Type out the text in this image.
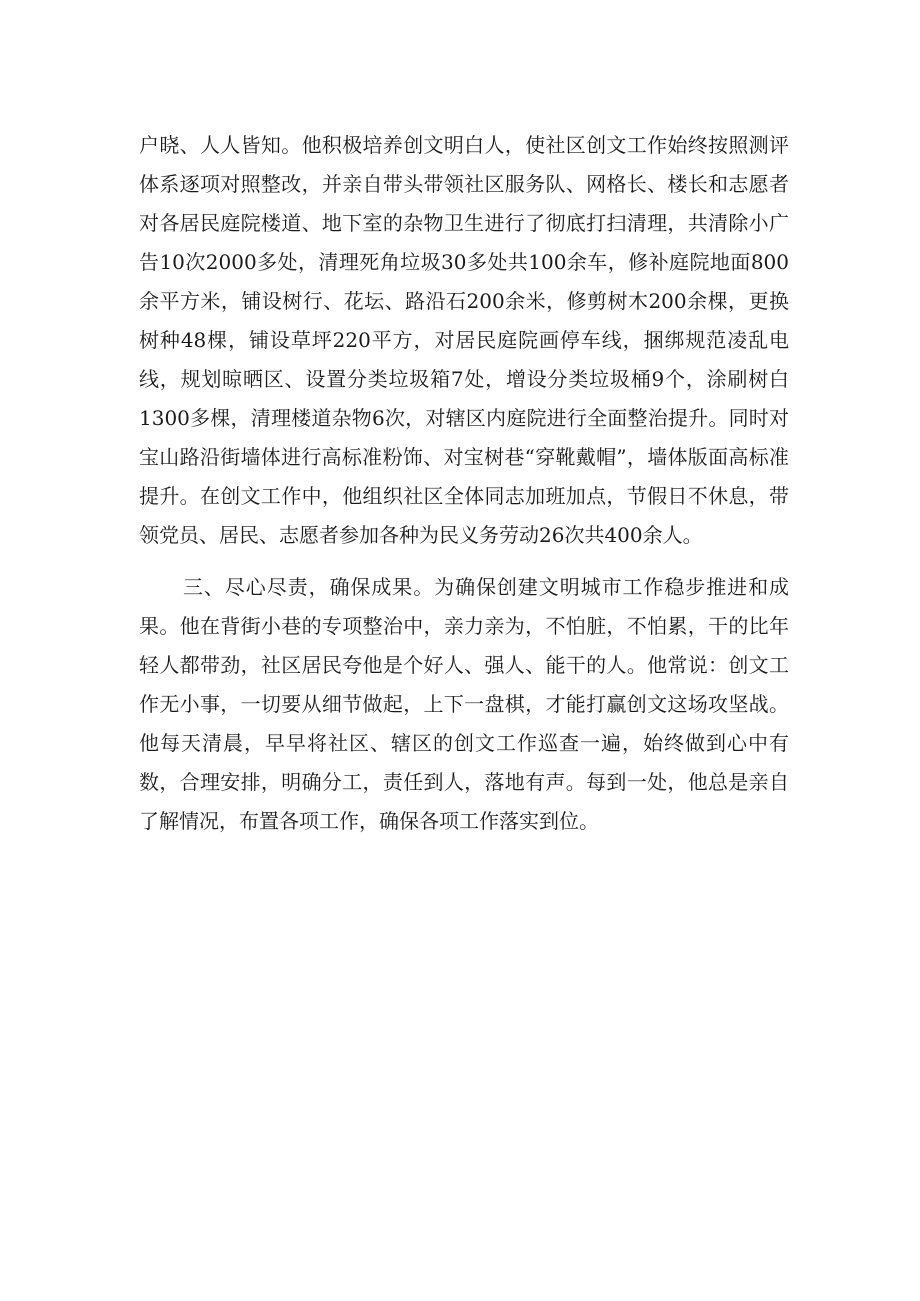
户晓、人人皆知。他积极培养创文明白人，使社区创文工作始终按照测评体系逐项对照整改，并亲自带头带领社区服务队、网格长、楼长和志愿者对各居民庭院楼道、地下室的杂物卫生进行了彻底打扫清理，共清除小广告10次2000多处，清理死角垃圾30多处共100余车，修补庭院地面800余平方米，铺设树行、花坛、路沿石200余米，修剪树木200余棵，更换树种48棵，铺设草坪220平方，对居民庭院画停车线，捆绑规范凌乱电线，规划晾晒区、设置分类垃圾箱7处，增设分类垃圾桶9个，涂刷树白1300多棵，清理楼道杂物6次，对辖区内庭院进行全面整治提升。同时对宝山路沿街墙体进行高标准粉饰、对宝树巷“穿靴戴帽”，墙体版面高标准提升。在创文工作中，他组织社区全体同志加班加点，节假日不休息，带领党员、居民、志愿者参加各种为民义务劳动26次共400余人。

三、尽心尽责，确保成果。为确保创建文明城市工作稳步推进和成果。他在背街小巷的专项整治中，亲力亲为，不怕脏，不怕累，干的比年轻人都带劲，社区居民夸他是个好人、强人、能干的人。他常说：创文工作无小事，一切要从细节做起，上下一盘棋，才能打赢创文这场攻坚战。他每天清晨，早早将社区、辖区的创文工作巡查一遍，始终做到心中有数，合理安排，明确分工，责任到人，落地有声。每到一处，他总是亲自了解情况，布置各项工作，确保各项工作落实到位。
